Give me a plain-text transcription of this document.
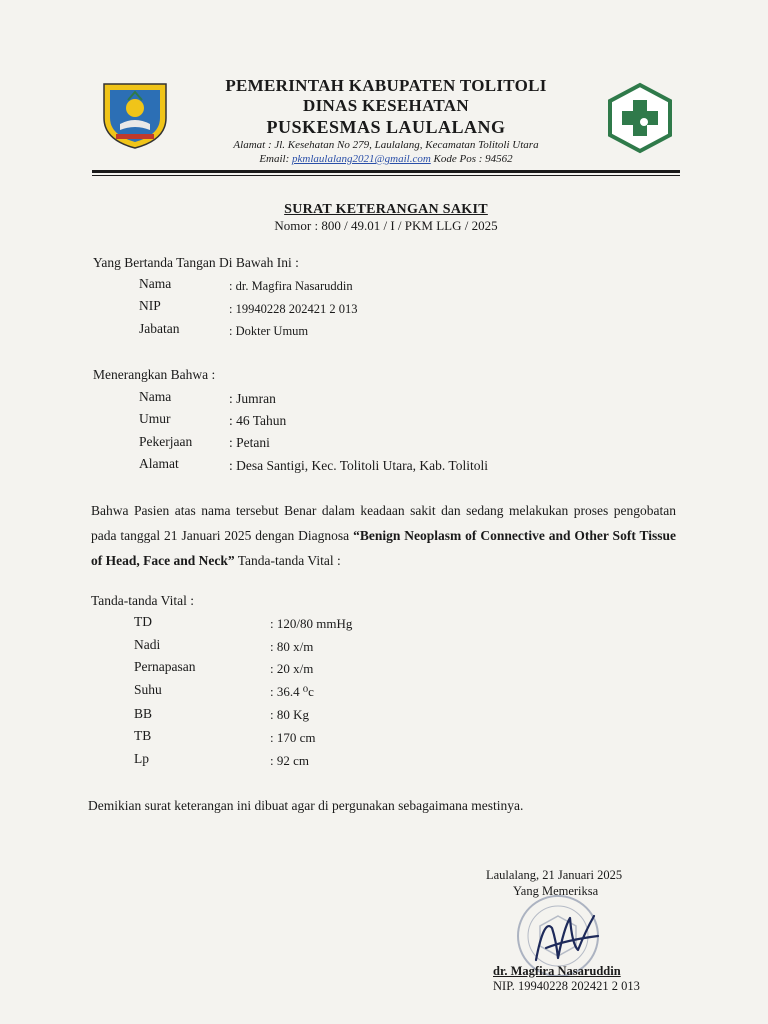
PEMERINTAH KABUPATEN TOLITOLI
DINAS KESEHATAN
PUSKESMAS LAULALANG
Alamat : Jl. Kesehatan No 279, Laulalang, Kecamatan Tolitoli Utara
Email: pkmlaulalang2021@gmail.com Kode Pos : 94562
SURAT KETERANGAN SAKIT
Nomor : 800 / 49.01 / I / PKM LLG / 2025
Yang Bertanda Tangan Di Bawah Ini :
Nama	: dr. Magfira Nasaruddin
NIP	: 19940228 202421 2 013
Jabatan	: Dokter Umum
Menerangkan Bahwa :
Nama	: Jumran
Umur	: 46 Tahun
Pekerjaan	: Petani
Alamat	: Desa Santigi, Kec. Tolitoli Utara, Kab. Tolitoli
Bahwa Pasien atas nama tersebut Benar dalam keadaan sakit dan sedang melakukan proses pengobatan pada tanggal 21 Januari 2025 dengan Diagnosa “Benign Neoplasm of Connective and Other Soft Tissue of Head, Face and Neck” Tanda-tanda Vital :
Tanda-tanda Vital :
TD	: 120/80 mmHg
Nadi	: 80 x/m
Pernapasan	: 20 x/m
Suhu	: 36.4 ⁰c
BB	: 80 Kg
TB	: 170 cm
Lp	: 92 cm
Demikian surat keterangan ini dibuat agar di pergunakan sebagaimana mestinya.
Laulalang, 21 Januari 2025
Yang Memeriksa
dr. Magfira Nasaruddin
NIP. 19940228 202421 2 013
